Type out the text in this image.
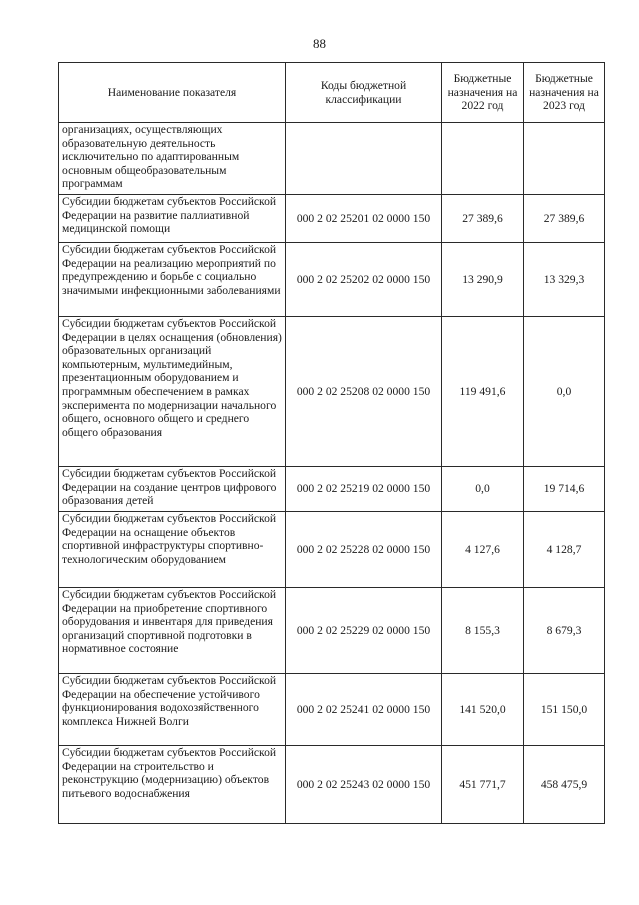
88
Наименование показателя	Коды бюджетной классификации	Бюджетные назначения на 2022 год	Бюджетные назначения на 2023 год
организациях, осуществляющих образовательную деятельность исключительно по адаптированным основным общеобразовательным программам			
Субсидии бюджетам субъектов Российской Федерации на развитие паллиативной медицинской помощи	000 2 02 25201 02 0000 150	27 389,6	27 389,6
Субсидии бюджетам субъектов Российской Федерации на реализацию мероприятий по предупреждению и борьбе с социально значимыми инфекционными заболеваниями	000 2 02 25202 02 0000 150	13 290,9	13 329,3
Субсидии бюджетам субъектов Российской Федерации в целях оснащения (обновления) образовательных организаций компьютерным, мультимедийным, презентационным оборудованием и программным обеспечением в рамках эксперимента по модернизации начального общего, основного общего и среднего общего образования	000 2 02 25208 02 0000 150	119 491,6	0,0
Субсидии бюджетам субъектов Российской Федерации на создание центров цифрового образования детей	000 2 02 25219 02 0000 150	0,0	19 714,6
Субсидии бюджетам субъектов Российской Федерации на оснащение объектов спортивной инфраструктуры спортивно-технологическим оборудованием	000 2 02 25228 02 0000 150	4 127,6	4 128,7
Субсидии бюджетам субъектов Российской Федерации на приобретение спортивного оборудования и инвентаря для приведения организаций спортивной подготовки в нормативное состояние	000 2 02 25229 02 0000 150	8 155,3	8 679,3
Субсидии бюджетам субъектов Российской Федерации на обеспечение устойчивого функционирования водохозяйственного комплекса Нижней Волги	000 2 02 25241 02 0000 150	141 520,0	151 150,0
Субсидии бюджетам субъектов Российской Федерации на строительство и реконструкцию (модернизацию) объектов питьевого водоснабжения	000 2 02 25243 02 0000 150	451 771,7	458 475,9
